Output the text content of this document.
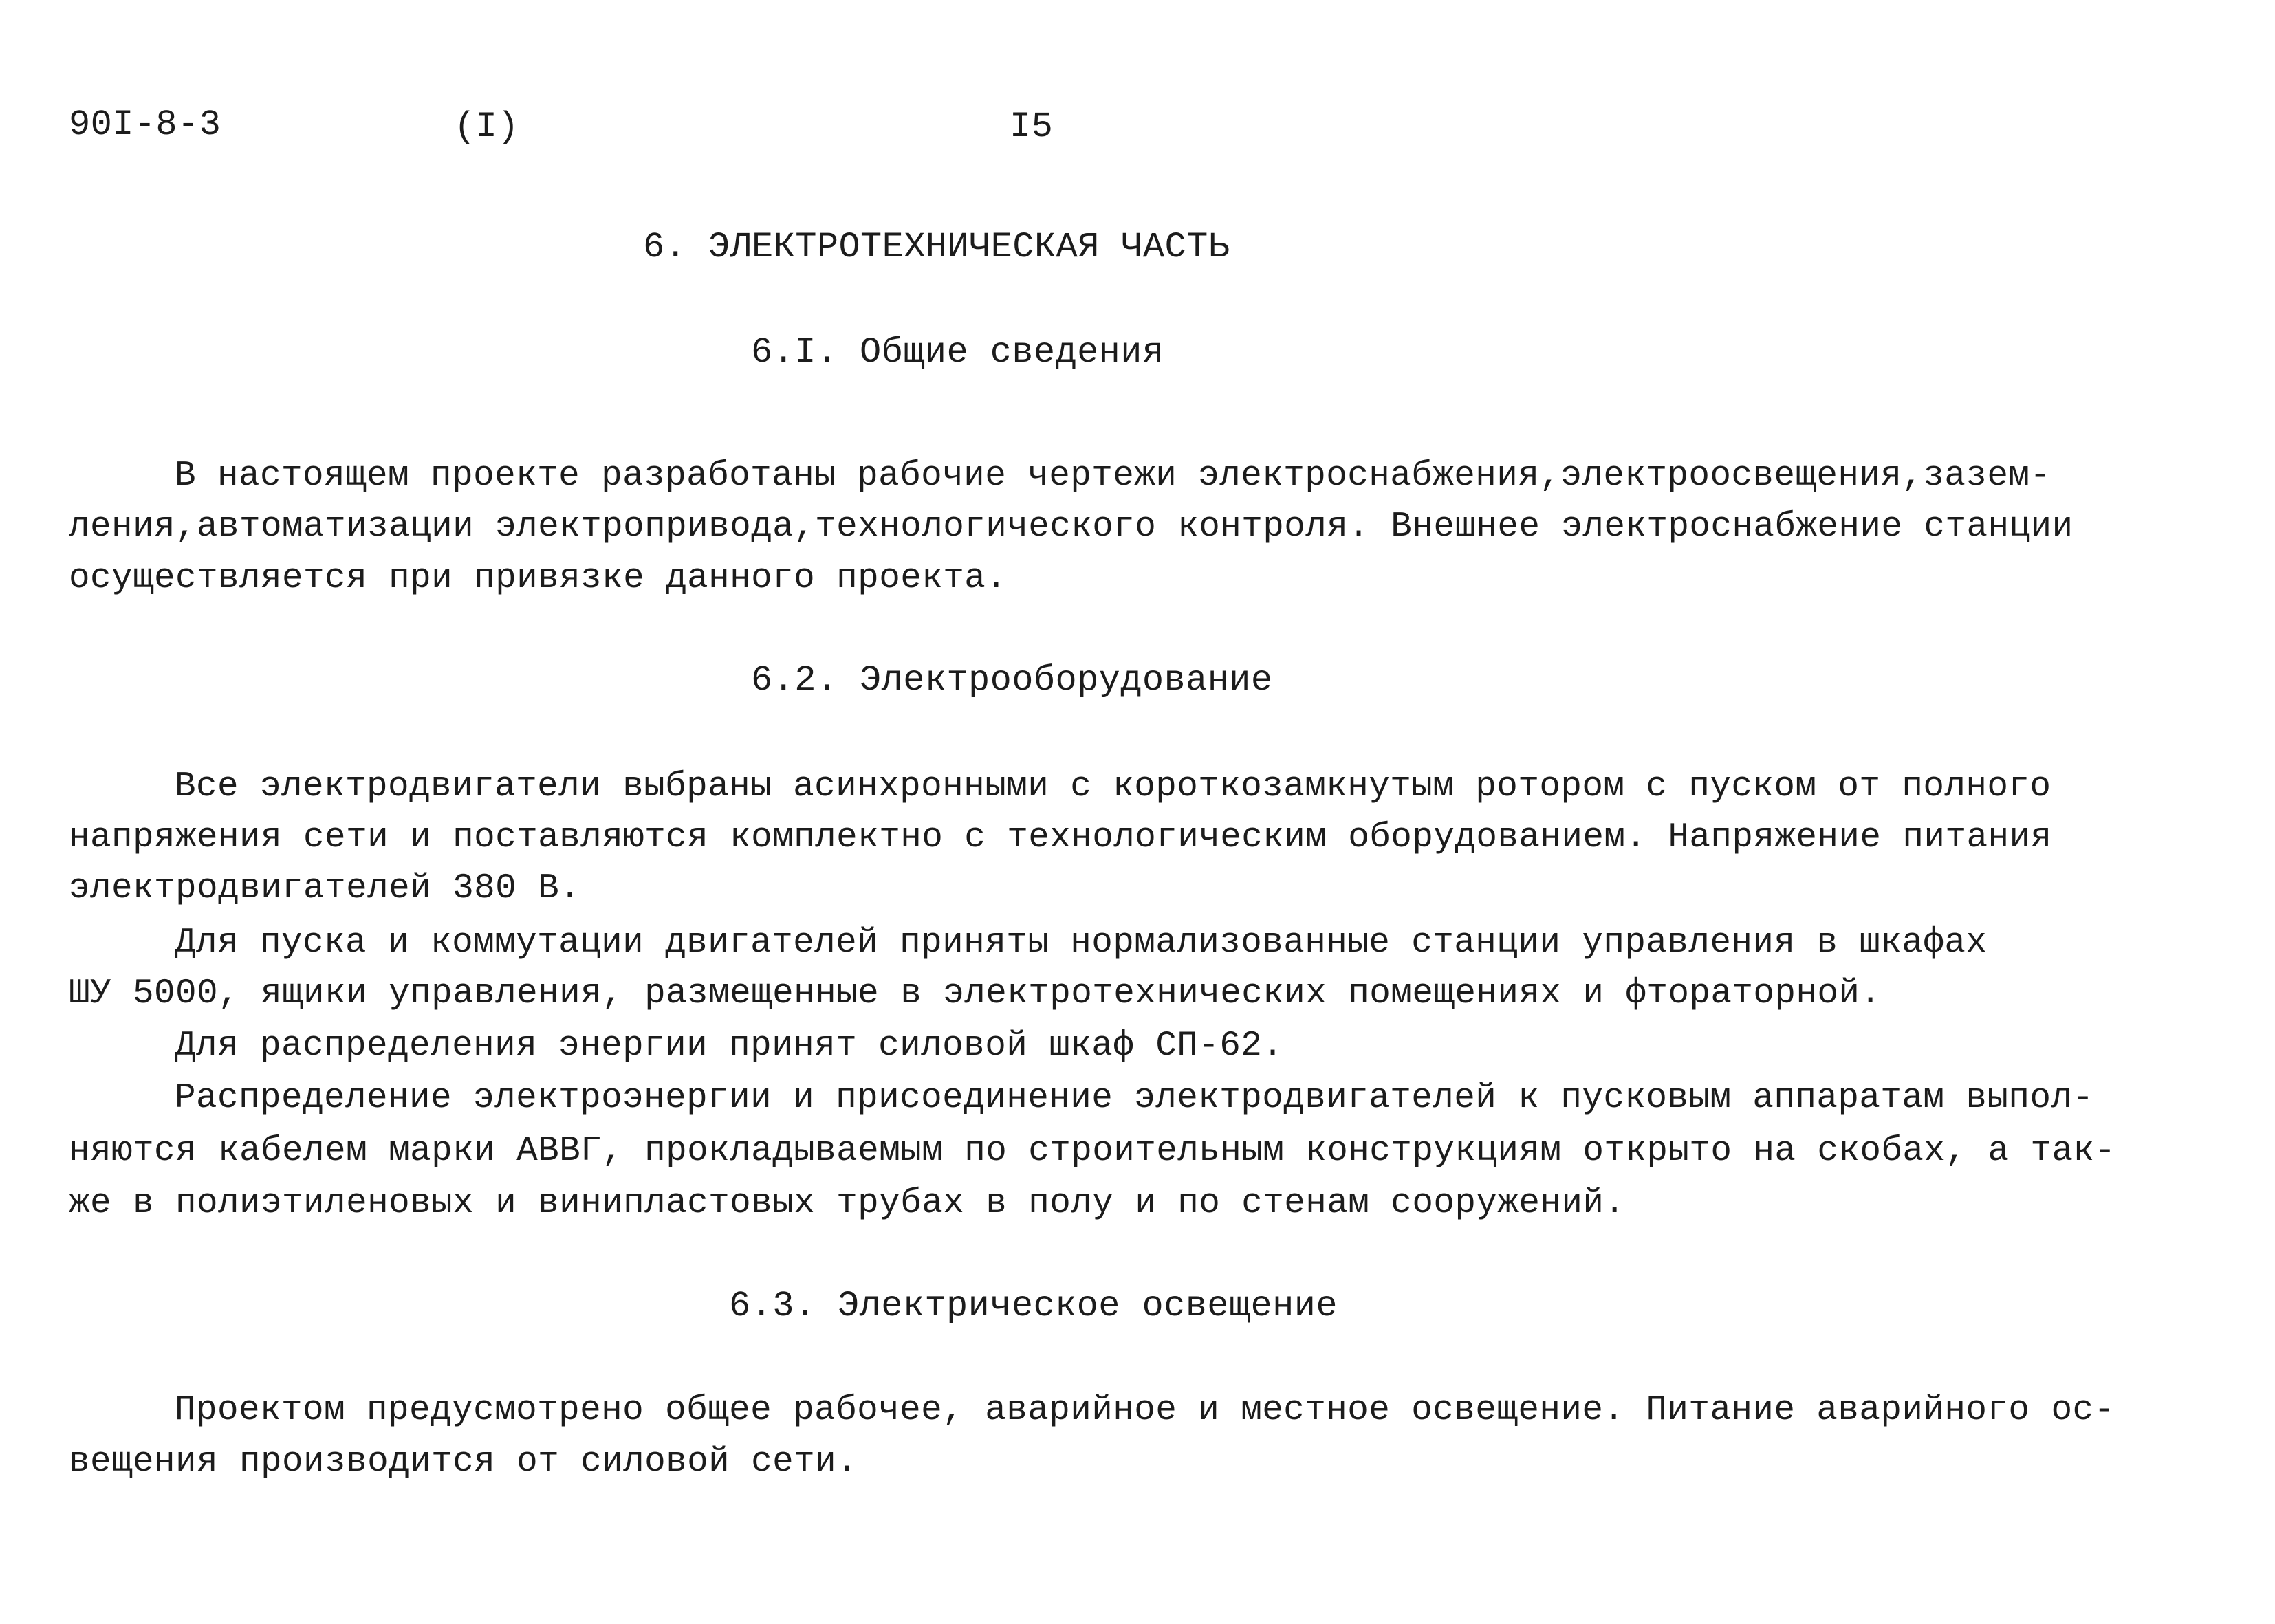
90I-8-3	(I)	I5
6. ЭЛЕКТРОТЕХНИЧЕСКАЯ ЧАСТЬ
6.I. Общие сведения
В настоящем проекте разработаны рабочие чертежи электроснабжения,электроосвещения,зазем-
ления,автоматизации электропривода,технологического контроля. Внешнее электроснабжение станции
осуществляется при привязке данного проекта.
6.2. Электрооборудование
Все электродвигатели выбраны асинхронными с короткозамкнутым ротором с пуском от полного
напряжения сети и поставляются комплектно с технологическим оборудованием. Напряжение питания
электродвигателей 380 В.
Для пуска и коммутации двигателей приняты нормализованные станции управления в шкафах
ШУ 5000, ящики управления, размещенные в электротехнических помещениях и фтораторной.
Для распределения энергии принят силовой шкаф СП-62.
Распределение электроэнергии и присоединение электродвигателей к пусковым аппаратам выпол-
няются кабелем марки АВВГ, прокладываемым по строительным конструкциям открыто на скобах, а так-
же в полиэтиленовых и винипластовых трубах в полу и по стенам сооружений.
6.3. Электрическое освещение
Проектом предусмотрено общее рабочее, аварийное и местное освещение. Питание аварийного ос-
вещения производится от силовой сети.
